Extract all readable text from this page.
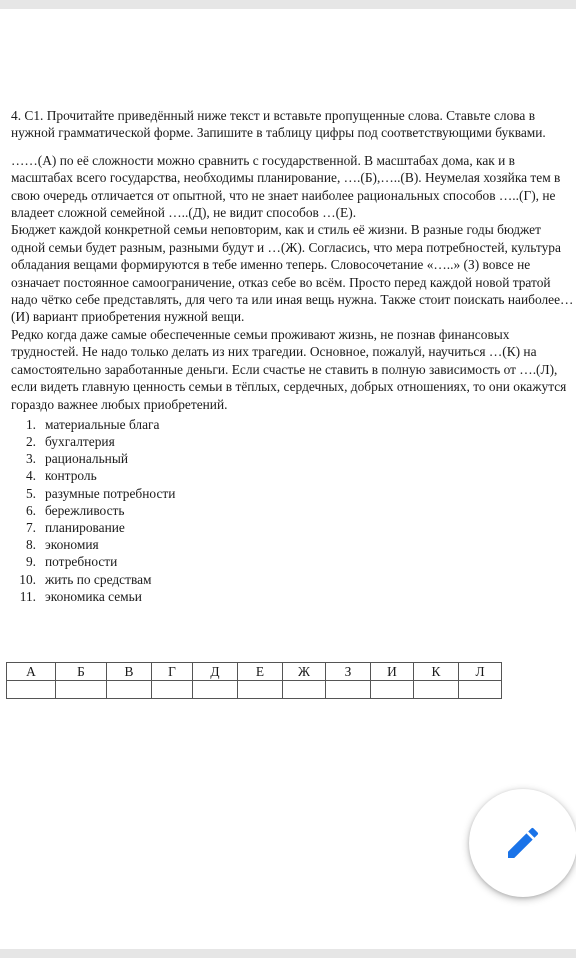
4. С1. Прочитайте приведённый ниже текст и вставьте пропущенные слова. Ставьте слова в нужной грамматической форме. Запишите в таблицу цифры под соответствующими буквами.

……(А) по её сложности можно сравнить с государственной. В масштабах дома, как и в масштабах всего государства, необходимы планирование, ….(Б),…..(В). Неумелая хозяйка тем в свою очередь отличается от опытной, что не знает наиболее рациональных способов …..(Г), не владеет сложной семейной …..(Д), не видит способов …(Е).

Бюджет каждой конкретной семьи неповторим, как и стиль её жизни. В разные годы бюджет одной семьи будет разным, разными будут и …(Ж). Согласись, что мера потребностей, культура обладания вещами формируются в тебе именно теперь. Словосочетание «…..» (З) вовсе не означает постоянное самоограничение, отказ себе во всём. Просто перед каждой новой тратой надо чётко себе представлять, для чего та или иная вещь нужна. Также стоит поискать наиболее…(И) вариант приобретения нужной вещи.

Редко когда даже самые обеспеченные семьи проживают жизнь, не познав финансовых трудностей. Не надо только делать из них трагедии. Основное, пожалуй, научиться …(К) на самостоятельно заработанные деньги. Если счастье не ставить в полную зависимость от ….(Л), если видеть главную ценность семьи в тёплых, сердечных, добрых отношениях, то они окажутся гораздо важнее любых приобретений.

1. материальные блага
2. бухгалтерия
3. рациональный
4. контроль
5. разумные потребности
6. бережливость
7. планирование
8. экономия
9. потребности
10. жить по средствам
11. экономика семьи
А	Б	В	Г	Д	Е	Ж	З	И	К	Л
